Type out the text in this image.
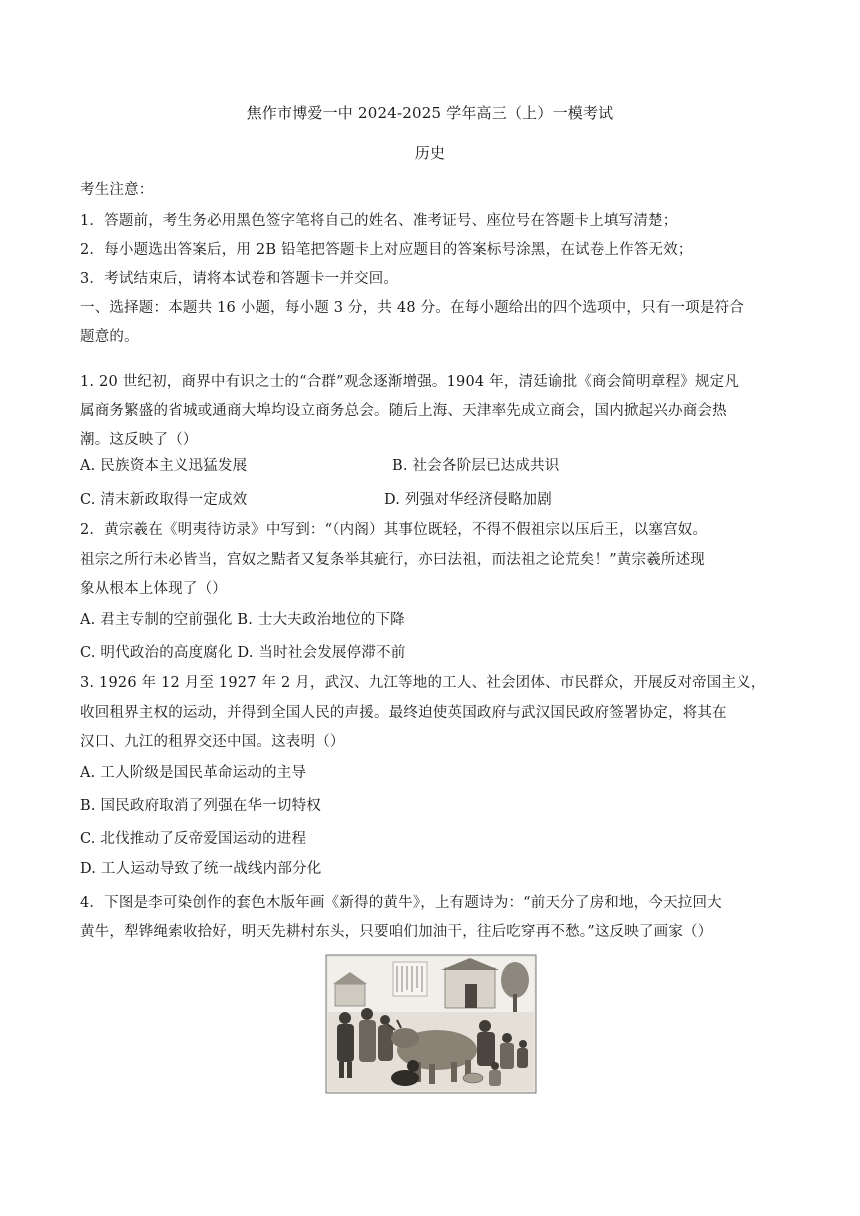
焦作市博爱一中 2024-2025 学年高三（上）一模考试
历史
考生注意：
1．答题前，考生务必用黑色签字笔将自己的姓名、准考证号、座位号在答题卡上填写清楚；
2．每小题选出答案后，用 2B 铅笔把答题卡上对应题目的答案标号涂黑，在试卷上作答无效；
3．考试结束后，请将本试卷和答题卡一并交回。
一、选择题：本题共 16 小题，每小题 3 分，共 48 分。在每小题给出的四个选项中，只有一项是符合
题意的。
1. 20 世纪初，商界中有识之士的“合群”观念逐渐增强。1904 年，清廷谕批《商会简明章程》规定凡
属商务繁盛的省城或通商大埠均设立商务总会。随后上海、天津率先成立商会，国内掀起兴办商会热
潮。这反映了（）
A. 民族资本主义迅猛发展	B. 社会各阶层已达成共识
C. 清末新政取得一定成效	D. 列强对华经济侵略加剧
2．黄宗羲在《明夷待访录》中写到：“（内阁）其事位既轻，不得不假祖宗以压后王，以塞宫奴。
祖宗之所行未必皆当，宫奴之黠者又复条举其疵行，亦曰法祖，而法祖之论荒矣！”黄宗羲所述现
象从根本上体现了（）
A. 君主专制的空前强化 B. 士大夫政治地位的下降
C. 明代政治的高度腐化 D. 当时社会发展停滞不前
3. 1926 年 12 月至 1927 年 2 月，武汉、九江等地的工人、社会团体、市民群众，开展反对帝国主义，
收回租界主权的运动，并得到全国人民的声援。最终迫使英国政府与武汉国民政府签署协定，将其在
汉口、九江的租界交还中国。这表明（）
A. 工人阶级是国民革命运动的主导
B. 国民政府取消了列强在华一切特权
C. 北伐推动了反帝爱国运动的进程
D. 工人运动导致了统一战线内部分化
4．下图是李可染创作的套色木版年画《新得的黄牛》，上有题诗为：“前天分了房和地，今天拉回大
黄牛，犁铧绳索收拾好，明天先耕村东头，只要咱们加油干，往后吃穿再不愁。”这反映了画家（）
